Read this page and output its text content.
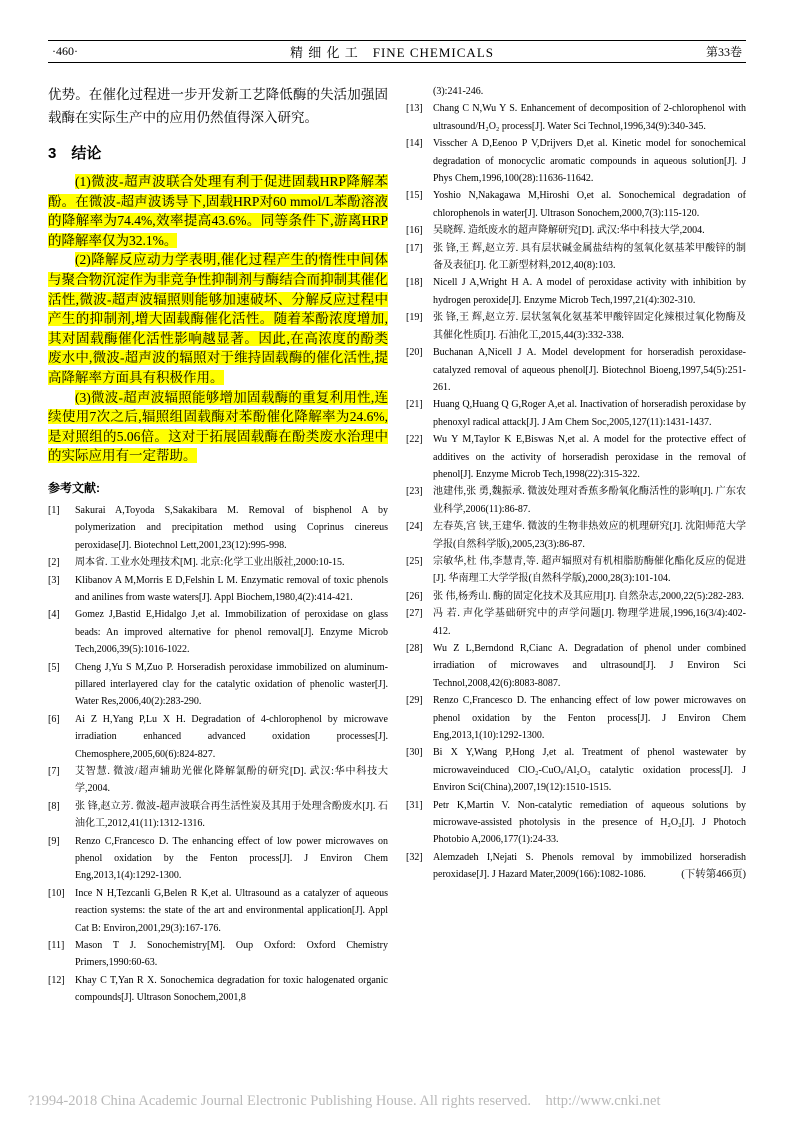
·460·	精 细 化 工　FINE CHEMICALS	第33卷

优势。在催化过程进一步开发新工艺降低酶的失活加强固载酶在实际生产中的应用仍然值得深入研究。

3　结论

(1)微波-超声波联合处理有利于促进固载HRP降解苯酚。在微波-超声波诱导下,固载HRP对60 mmol/L苯酚溶液的降解率为74.4%,效率提高43.6%。同等条件下,游离HRP的降解率仅为32.1%。

(2)降解反应动力学表明,催化过程产生的惰性中间体与聚合物沉淀作为非竞争性抑制剂与酶结合而抑制其催化活性,微波-超声波辐照则能够加速破坏、分解反应过程中产生的抑制剂,增大固载酶催化活性。随着苯酚浓度增加,其对固载酶催化活性影响越显著。因此,在高浓度的酚类废水中,微波-超声波的辐照对于维持固载酶的催化活性,提高降解率方面具有积极作用。

(3)微波-超声波辐照能够增加固载酶的重复利用性,连续使用7次之后,辐照组固载酶对苯酚催化降解率为24.6%,是对照组的5.06倍。这对于拓展固载酶在酚类废水治理中的实际应用有一定帮助。

参考文献:
[1]	Sakurai A,Toyoda S,Sakakibara M. Removal of bisphenol A by polymerization and precipitation method using Coprinus cinereus peroxidase[J]. Biotechnol Lett,2001,23(12):995-998.
[2]	周本省. 工业水处理技术[M]. 北京:化学工业出版社,2000:10-15.
[3]	Klibanov A M,Morris E D,Felshin L M. Enzymatic removal of toxic phenols and anilines from waste waters[J]. Appl Biochem,1980,4(2):414-421.
[4]	Gomez J,Bastid E,Hidalgo J,et al. Immobilization of peroxidase on glass beads: An improved alternative for phenol removal[J]. Enzyme Microb Tech,2006,39(5):1016-1022.
[5]	Cheng J,Yu S M,Zuo P. Horseradish peroxidase immobilized on aluminum-pillared interlayered clay for the catalytic oxidation of phenolic waster[J]. Water Res,2006,40(2):283-290.
[6]	Ai Z H,Yang P,Lu X H. Degradation of 4-chlorophenol by microwave irradiation enhanced advanced oxidation processes[J]. Chemosphere,2005,60(6):824-827.
[7]	艾智慧. 微波/超声辅助光催化降解氯酚的研究[D]. 武汉:华中科技大学,2004.
[8]	张 锋,赵立芳. 微波-超声波联合再生活性炭及其用于处理含酚废水[J]. 石油化工,2012,41(11):1312-1316.
[9]	Renzo C,Francesco D. The enhancing effect of low power microwaves on phenol oxidation by the Fenton process[J]. J Environ Chem Eng,2013,1(4):1292-1300.
[10]	Ince N H,Tezcanli G,Belen R K,et al. Ultrasound as a catalyzer of aqueous reaction systems: the state of the art and environmental application[J]. Appl Cat B: Environ,2001,29(3):167-176.
[11]	Mason T J. Sonochemistry[M]. Oup Oxford: Oxford Chemistry Primers,1990:60-63.
[12]	Khay C T,Yan R X. Sonochemica degradation for toxic halogenated organic compounds[J]. Ultrason Sonochem,2001,8
(3):241-246.
[13]	Chang C N,Wu Y S. Enhancement of decomposition of 2-chlorophenol with ultrasound/H₂O₂ process[J]. Water Sci Technol,1996,34(9):340-345.
[14]	Visscher A D,Eenoo P V,Drijvers D,et al. Kinetic model for sonochemical degradation of monocyclic aromatic compounds in aqueous solution[J]. J Phys Chem,1996,100(28):11636-11642.
[15]	Yoshio N,Nakagawa M,Hiroshi O,et al. Sonochemical degradation of chlorophenols in water[J]. Ultrason Sonochem,2000,7(3):115-120.
[16]	吴晓辉. 造纸废水的超声降解研究[D]. 武汉:华中科技大学,2004.
[17]	张 锋,王 辉,赵立芳. 具有层状碱金属盐结构的氢氧化氨基苯甲酸锌的制备及表征[J]. 化工新型材料,2012,40(8):103.
[18]	Nicell J A,Wright H A. A model of peroxidase activity with inhibition by hydrogen peroxide[J]. Enzyme Microb Tech,1997,21(4):302-310.
[19]	张 锋,王 辉,赵立芳. 层状氢氧化氨基苯甲酸锌固定化辣根过氧化物酶及其催化性质[J]. 石油化工,2015,44(3):332-338.
[20]	Buchanan A,Nicell J A. Model development for horseradish peroxidase-catalyzed removal of aqueous phenol[J]. Biotechnol Bioeng,1997,54(5):251-261.
[21]	Huang Q,Huang Q G,Roger A,et al. Inactivation of horseradish peroxidase by phenoxyl radical attack[J]. J Am Chem Soc,2005,127(11):1431-1437.
[22]	Wu Y M,Taylor K E,Biswas N,et al. A model for the protective effect of additives on the activity of horseradish peroxidase in the removal of phenol[J]. Enzyme Microb Tech,1998(22):315-322.
[23]	池建伟,张 勇,魏振承. 微波处理对香蕉多酚氧化酶活性的影响[J]. 广东农业科学,2006(11):86-87.
[24]	左春英,宫 铗,王建华. 微波的生物非热效应的机理研究[J]. 沈阳师范大学学报(自然科学版),2005,23(3):86-87.
[25]	宗敏华,杜 伟,李慧青,等. 超声辐照对有机相脂肪酶催化酯化反应的促进[J]. 华南理工大学学报(自然科学版),2000,28(3):101-104.
[26]	张 伟,杨秀山. 酶的固定化技术及其应用[J]. 自然杂志,2000,22(5):282-283.
[27]	冯 若. 声化学基础研究中的声学问题[J]. 物理学进展,1996,16(3/4):402-412.
[28]	Wu Z L,Berndond R,Cianc A. Degradation of phenol under combined irradiation of microwaves and ultrasound[J]. J Environ Sci Technol,2008,42(6):8083-8087.
[29]	Renzo C,Francesco D. The enhancing effect of low power microwaves on phenol oxidation by the Fenton process[J]. J Environ Chem Eng,2013,1(10):1292-1300.
[30]	Bi X Y,Wang P,Hong J,et al. Treatment of phenol wastewater by microwaveinduced ClO₂-CuOₓ/Al₂O₃ catalytic oxidation process[J]. J Environ Sci(China),2007,19(12):1510-1515.
[31]	Petr K,Martin V. Non-catalytic remediation of aqueous solutions by microwave-assisted photolysis in the presence of H₂O₂[J]. J Photoch Photobio A,2006,177(1):24-33.
[32]	Alemzadeh I,Nejati S. Phenols removal by immobilized horseradish peroxidase[J]. J Hazard Mater,2009(166):1082-1086.	(下转第466页)
?1994-2018 China Academic Journal Electronic Publishing House. All rights reserved.    http://www.cnki.net
